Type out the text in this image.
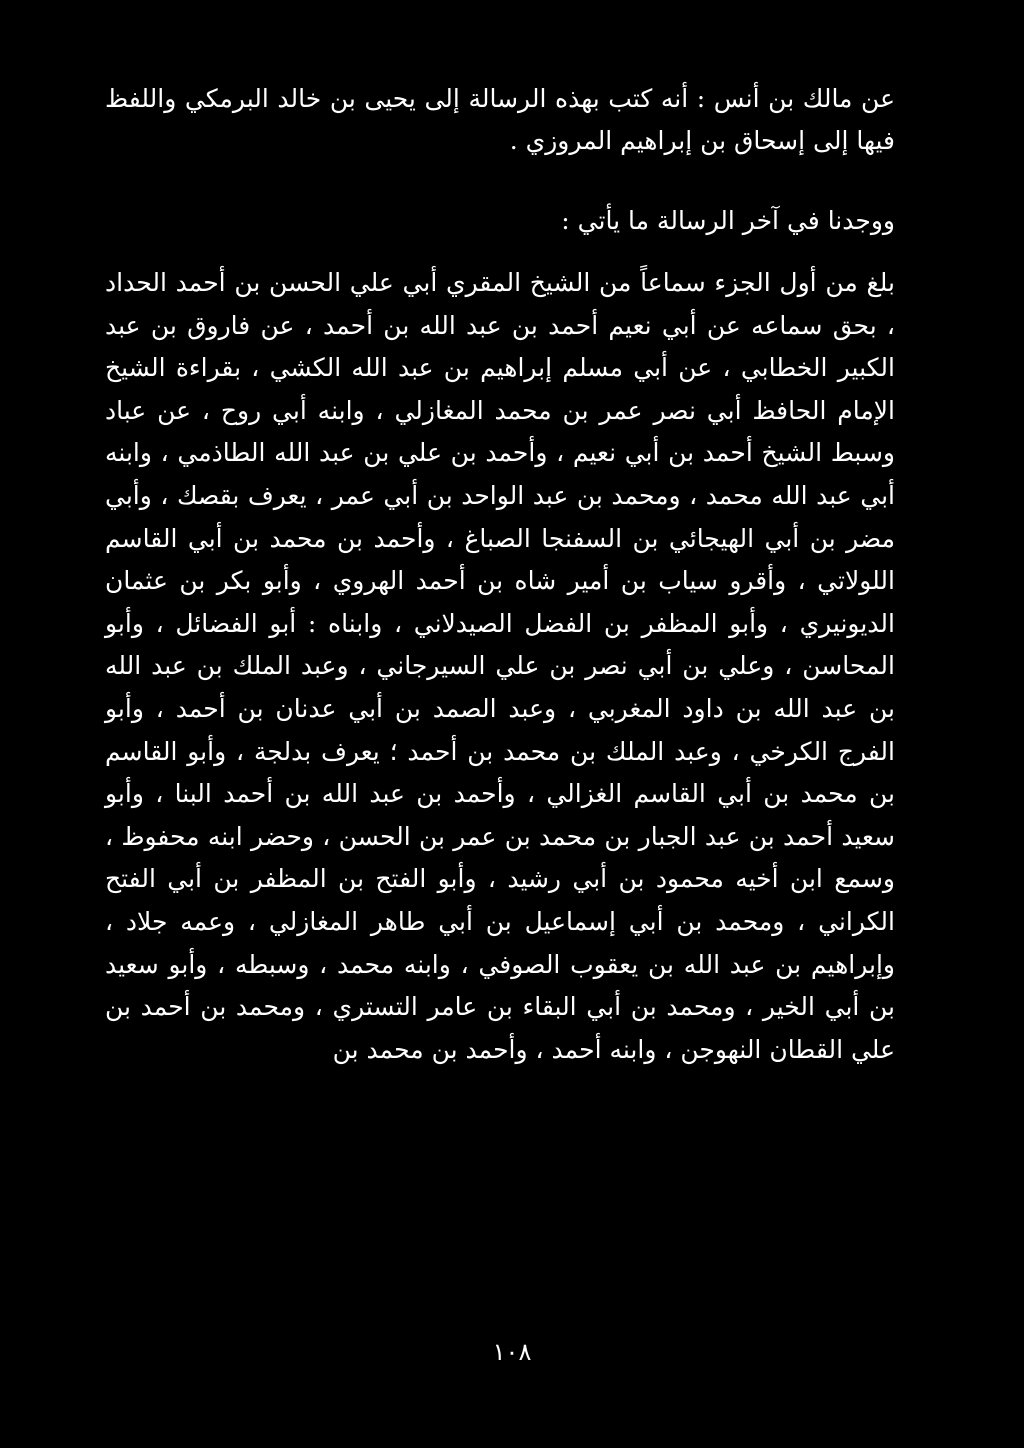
عن مالك بن أنس : أنه كتب بهذه الرسالة إلى يحيى بن خالد البرمكي واللفظ فيها إلى إسحاق بن إبراهيم المروزي .

ووجدنا في آخر الرسالة ما يأتي :

بلغ من أول الجزء سماعاً من الشيخ المقري أبي علي الحسن بن أحمد الحداد ، بحق سماعه عن أبي نعيم أحمد بن عبد الله بن أحمد ، عن فاروق بن عبد الكبير الخطابي ، عن أبي مسلم إبراهيم بن عبد الله الكشي ، بقراءة الشيخ الإمام الحافظ أبي نصر عمر بن محمد المغازلي ، وابنه أبي روح ، عن عباد وسبط الشيخ أحمد بن أبي نعيم ، وأحمد بن علي بن عبد الله الطاذمي ، وابنه أبي عبد الله محمد ، ومحمد بن عبد الواحد بن أبي عمر ، يعرف بقصك ، وأبي مضر بن أبي الهيجائي بن السفنجا الصباغ ، وأحمد بن محمد بن أبي القاسم اللولاتي ، وأقرو سياب بن أمير شاه بن أحمد الهروي ، وأبو بكر بن عثمان الديونيري ، وأبو المظفر بن الفضل الصيدلاني ، وابناه : أبو الفضائل ، وأبو المحاسن ، وعلي بن أبي نصر بن علي السيرجاني ، وعبد الملك بن عبد الله بن عبد الله بن داود المغربي ، وعبد الصمد بن أبي عدنان بن أحمد ، وأبو الفرج الكرخي ، وعبد الملك بن محمد بن أحمد ؛ يعرف بدلجة ، وأبو القاسم بن محمد بن أبي القاسم الغزالي ، وأحمد بن عبد الله بن أحمد البنا ، وأبو سعيد أحمد بن عبد الجبار بن محمد بن عمر بن الحسن ، وحضر ابنه محفوظ ، وسمع ابن أخيه محمود بن أبي رشيد ، وأبو الفتح بن المظفر بن أبي الفتح الكراني ، ومحمد بن أبي إسماعيل بن أبي طاهر المغازلي ، وعمه جلاد ، وإبراهيم بن عبد الله بن يعقوب الصوفي ، وابنه محمد ، وسبطه ، وأبو سعيد بن أبي الخير ، ومحمد بن أبي البقاء بن عامر التستري ، ومحمد بن أحمد بن علي القطان النهوجن ، وابنه أحمد ، وأحمد بن محمد بن

١٠٨
